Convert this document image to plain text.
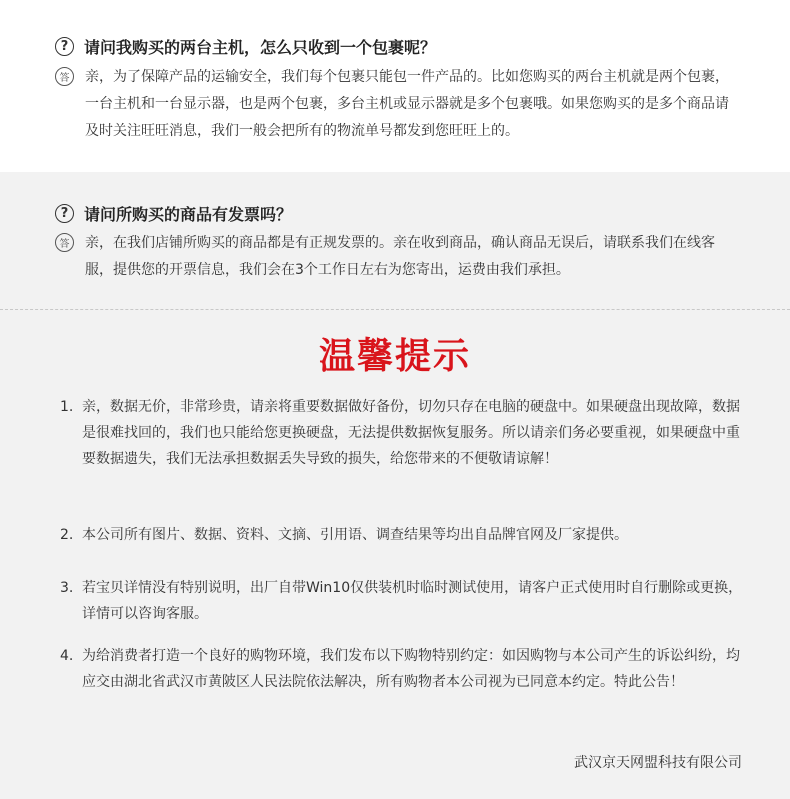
? 请问我购买的两台主机，怎么只收到一个包裹呢？
答	亲，为了保障产品的运输安全，我们每个包裹只能包一件产品的。比如您购买的两台主机就是两个包裹，一台主机和一台显示器，也是两个包裹，多台主机或显示器就是多个包裹哦。如果您购买的是多个商品请及时关注旺旺消息，我们一般会把所有的物流单号都发到您旺旺上的。
? 请问所购买的商品有发票吗？
答	亲，在我们店铺所购买的商品都是有正规发票的。亲在收到商品，确认商品无误后，请联系我们在线客服，提供您的开票信息，我们会在3个工作日左右为您寄出，运费由我们承担。
温馨提示
1. 亲，数据无价，非常珍贵，请亲将重要数据做好备份，切勿只存在电脑的硬盘中。如果硬盘出现故障，数据是很难找回的，我们也只能给您更换硬盘，无法提供数据恢复服务。所以请亲们务必要重视，如果硬盘中重要数据遗失，我们无法承担数据丢失导致的损失，给您带来的不便敬请谅解！
2. 本公司所有图片、数据、资料、文摘、引用语、调查结果等均出自品牌官网及厂家提供。
3. 若宝贝详情没有特别说明，出厂自带Win10仅供装机时临时测试使用，请客户正式使用时自行删除或更换，详情可以咨询客服。
4. 为给消费者打造一个良好的购物环境，我们发布以下购物特别约定：如因购物与本公司产生的诉讼纠纷，均应交由湖北省武汉市黄陂区人民法院依法解决，所有购物者本公司视为已同意本约定。特此公告！
武汉京天网盟科技有限公司
